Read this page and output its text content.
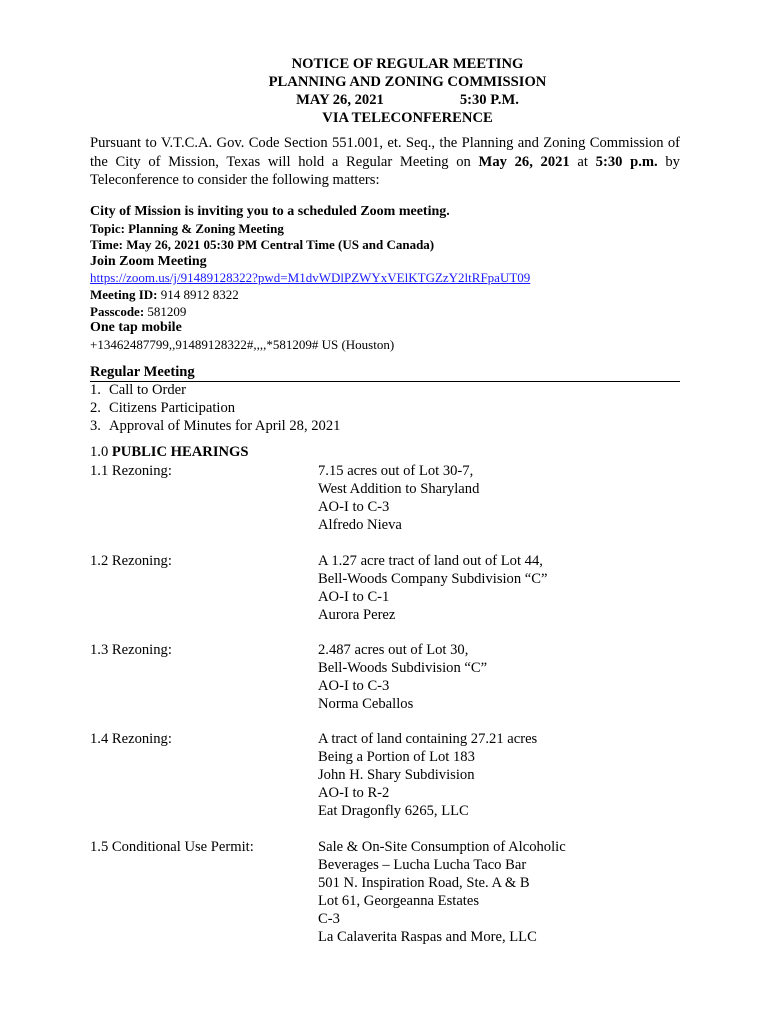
NOTICE OF REGULAR MEETING
PLANNING AND ZONING COMMISSION
MAY 26, 2021	5:30 P.M.
VIA TELECONFERENCE
Pursuant to V.T.C.A. Gov. Code Section 551.001, et. Seq., the Planning and Zoning Commission of the City of Mission, Texas will hold a Regular Meeting on May 26, 2021 at 5:30 p.m. by Teleconference to consider the following matters:
City of Mission is inviting you to a scheduled Zoom meeting.
Topic: Planning & Zoning Meeting
Time: May 26, 2021 05:30 PM Central Time (US and Canada)
Join Zoom Meeting
https://zoom.us/j/91489128322?pwd=M1dvWDlPZWYxVElKTGZzY2ltRFpaUT09
Meeting ID: 914 8912 8322
Passcode: 581209
One tap mobile
+13462487799,,91489128322#,,,,*581209# US (Houston)
Regular Meeting
1. Call to Order
2. Citizens Participation
3. Approval of Minutes for April 28, 2021
1.0 PUBLIC HEARINGS
1.1 Rezoning:	7.15 acres out of Lot 30-7,
West Addition to Sharyland
AO-I to C-3
Alfredo Nieva
1.2 Rezoning:	A 1.27 acre tract of land out of Lot 44,
Bell-Woods Company Subdivision “C”
AO-I to C-1
Aurora Perez
1.3 Rezoning:	2.487 acres out of Lot 30,
Bell-Woods Subdivision “C”
AO-I to C-3
Norma Ceballos
1.4 Rezoning:	A tract of land containing 27.21 acres
Being a Portion of Lot 183
John H. Shary Subdivision
AO-I to R-2
Eat Dragonfly 6265, LLC
1.5 Conditional Use Permit:	Sale & On-Site Consumption of Alcoholic
Beverages – Lucha Lucha Taco Bar
501 N. Inspiration Road, Ste. A & B
Lot 61, Georgeanna Estates
C-3
La Calaverita Raspas and More, LLC
